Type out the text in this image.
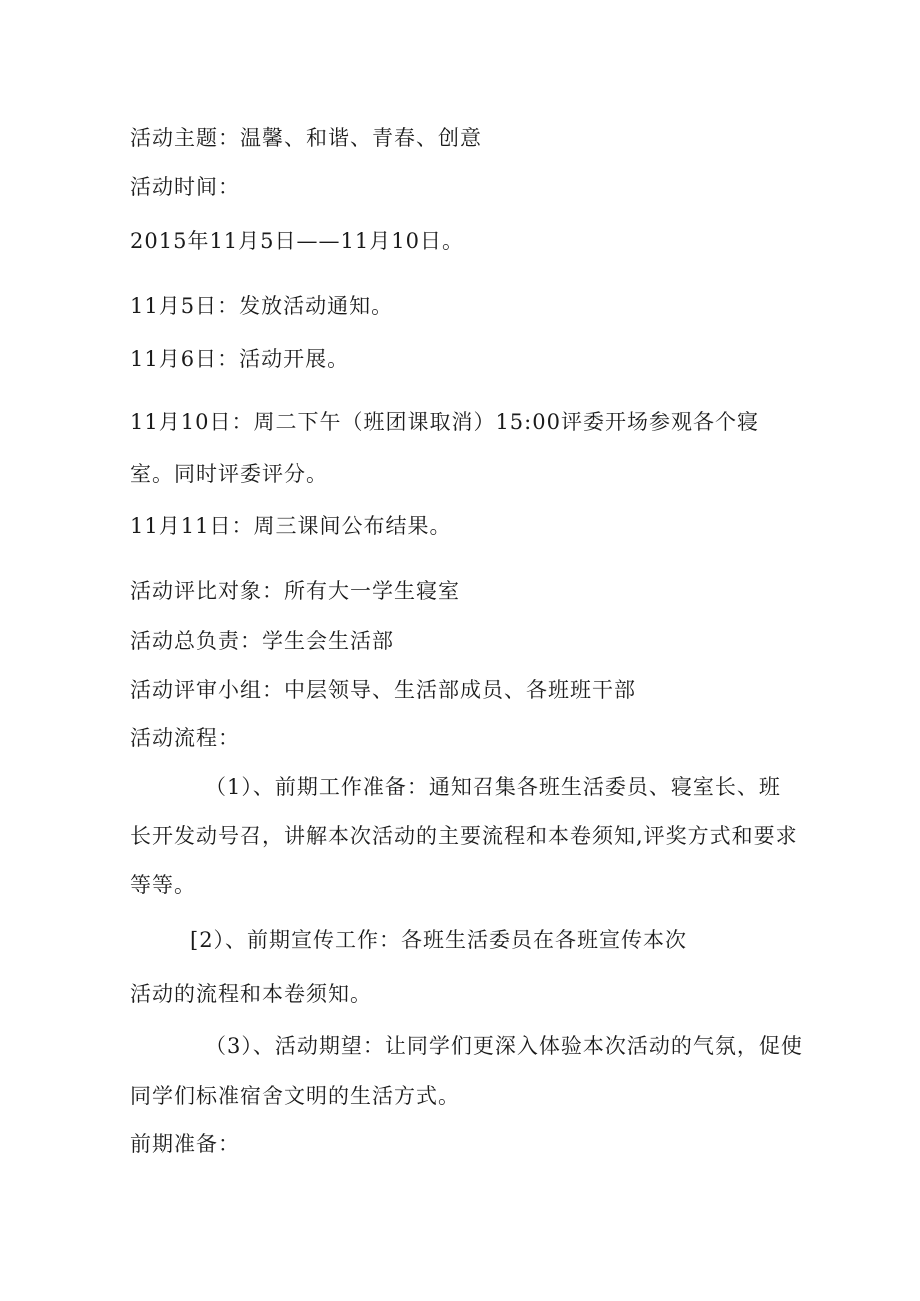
活动主题：温馨、和谐、青春、创意
活动时间：
2015年11月5日——11月10日。
11月5日：发放活动通知。
11月6日：活动开展。
11月10日：周二下午（班团课取消）15:00评委开场参观各个寝
室。同时评委评分。
11月11日：周三课间公布结果。
活动评比对象：所有大一学生寝室
活动总负责：学生会生活部
活动评审小组：中层领导、生活部成员、各班班干部
活动流程：
（1）、前期工作准备：通知召集各班生活委员、寝室长、班
长开发动号召，讲解本次活动的主要流程和本卷须知,评奖方式和要求
等等。
[2）、前期宣传工作：各班生活委员在各班宣传本次
活动的流程和本卷须知。
（3）、活动期望：让同学们更深入体验本次活动的气氛，促使
同学们标准宿舍文明的生活方式。
前期准备：
